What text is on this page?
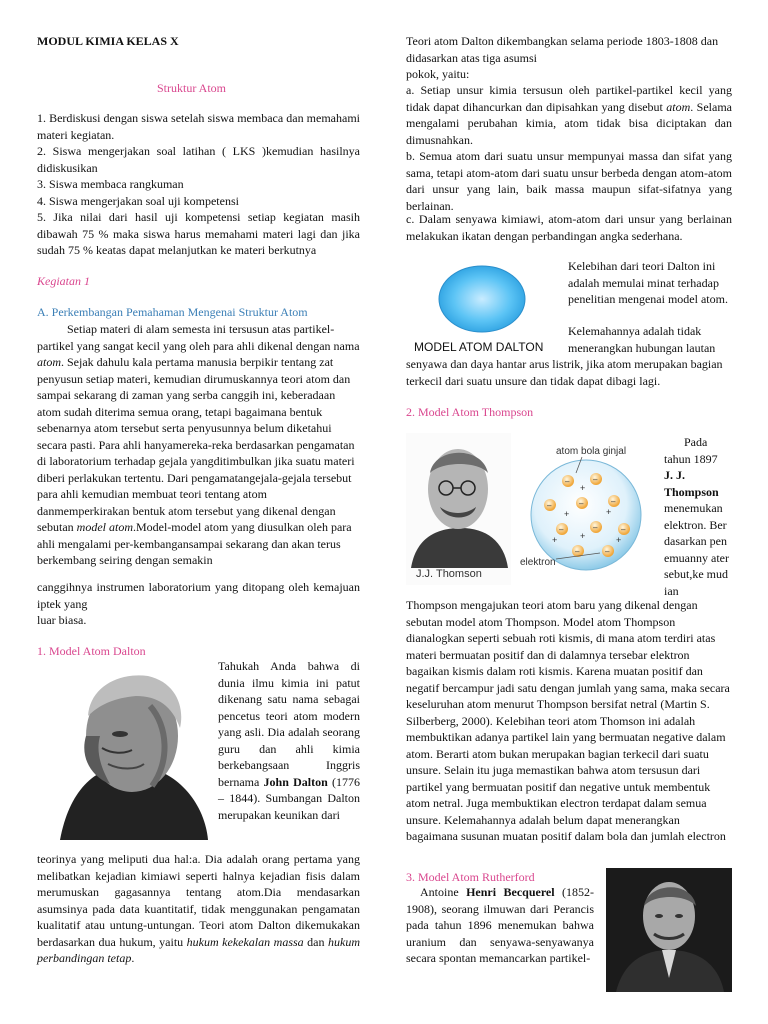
MODUL KIMIA KELAS X

Struktur Atom

1. Berdiskusi dengan siswa setelah siswa membaca dan memahami materi kegiatan.

2. Siswa mengerjakan soal latihan ( LKS )kemudian hasilnya didiskusikan

3. Siswa membaca rangkuman

4. Siswa mengerjakan soal uji kompetensi

5. Jika nilai dari hasil uji kompetensi setiap kegiatan masih dibawah 75 % maka siswa harus memahami materi lagi dan jika sudah 75 % keatas dapat melanjutkan ke materi berkutnya

Kegiatan 1

A. Perkembangan Pemahaman Mengenai Struktur Atom

Setiap materi di alam semesta ini tersusun atas partikel-partikel yang sangat kecil yang oleh para ahli dikenal dengan nama atom. Sejak dahulu kala pertama manusia berpikir tentang zat penyusun setiap materi, kemudian dirumuskannya teori atom dan sampai sekarang di zaman yang serba canggih ini, keberadaan atom sudah diterima semua orang, tetapi bagaimana bentuk sebenarnya atom tersebut serta penyusunnya belum diketahui secara pasti. Para ahli hanyamereka-reka berdasarkan pengamatan di laboratorium terhadap gejala yangditimbulkan jika suatu materi diberi perlakukan tertentu. Dari pengamatangejala-gejala tersebut para ahli kemudian membuat teori tentang atom danmemperkirakan bentuk atom tersebut yang dikenal dengan sebutan model atom.Model-model atom yang diusulkan oleh para ahli mengalami per-kembangansampai sekarang dan akan terus berkembang seiring dengan semakin

canggihnya instrumen laboratorium yang ditopang oleh kemajuan iptek yang

luar biasa.

1. Model Atom Dalton

Tahukah Anda bahwa di dunia ilmu kimia ini patut dikenang satu nama sebagai pencetus teori atom modern yang asli. Dia adalah seorang guru dan ahli kimia berkebangsaan Inggris bernama John Dalton (1776 – 1844). Sumbangan Dalton merupakan keunikan dari

teorinya yang meliputi dua hal:a. Dia adalah orang pertama yang melibatkan kejadian kimiawi seperti halnya kejadian fisis dalam merumuskan gagasannya tentang atom.Dia mendasarkan asumsinya pada data kuantitatif, tidak menggunakan pengamatan kualitatif atau untung-untungan. Teori atom Dalton dikemukakan berdasarkan dua hukum, yaitu hukum kekekalan massa dan hukum perbandingan tetap.

Teori atom Dalton dikembangkan selama periode 1803-1808 dan didasarkan atas tiga asumsi

pokok, yaitu:

a. Setiap unsur kimia tersusun oleh partikel-partikel kecil yang tidak dapat dihancurkan dan dipisahkan yang disebut atom. Selama mengalami perubahan kimia, atom tidak bisa diciptakan dan dimusnahkan.

b. Semua atom dari suatu unsur mempunyai massa dan sifat yang sama, tetapi atom-atom dari suatu unsur berbeda dengan atom-atom dari unsur yang lain, baik massa maupun sifat-sifatnya yang berlainan.

c. Dalam senyawa kimiawi, atom-atom dari unsur yang berlainan melakukan ikatan dengan perbandingan angka sederhana.

MODEL ATOM DALTON

Kelebihan dari teori Dalton ini adalah memulai minat terhadap penelitian mengenai model atom.

Kelemahannya adalah tidak menerangkan hubungan lautan

senyawa dan daya hantar arus listrik, jika atom merupakan bagian terkecil dari suatu unsure dan tidak dapat dibagi lagi.

2. Model Atom Thompson

J.J. Thomson
–	–
–	–	–
–	–	–
–	–
+
+
+
+	+
+
atom bola ginjal
elektron

Pada

tahun 1897

J. J.

Thompson

menemukan elektron. Berdasarkan penemuanny atersebut,ke mudian

Thompson mengajukan teori atom baru yang dikenal dengan sebutan model atom Thompson. Model atom Thompson dianalogkan seperti sebuah roti kismis, di mana atom terdiri atas materi bermuatan positif dan di dalamnya tersebar elektron bagaikan kismis dalam roti kismis. Karena muatan positif dan negatif bercampur jadi satu dengan jumlah yang sama, maka secara keseluruhan atom menurut Thompson bersifat netral (Martin S. Silberberg, 2000). Kelebihan teori atom Thomson ini adalah membuktikan adanya partikel lain yang bermuatan negative dalam atom. Berarti atom bukan merupakan bagian terkecil dari suatu unsure. Selain itu juga memastikan bahwa atom tersusun dari partikel yang bermuatan positif dan negative untuk membentuk atom netral. Juga membuktikan electron terdapat dalam semua unsure. Kelemahannya adalah belum dapat menerangkan bagaimana susunan muatan positif dalam bola dan jumlah electron

3. Model Atom Rutherford

Antoine Henri Becquerel (1852-1908), seorang ilmuwan dari Perancis pada tahun 1896 menemukan bahwa uranium dan senyawa-senyawanya secara spontan memancarkan partikel-
